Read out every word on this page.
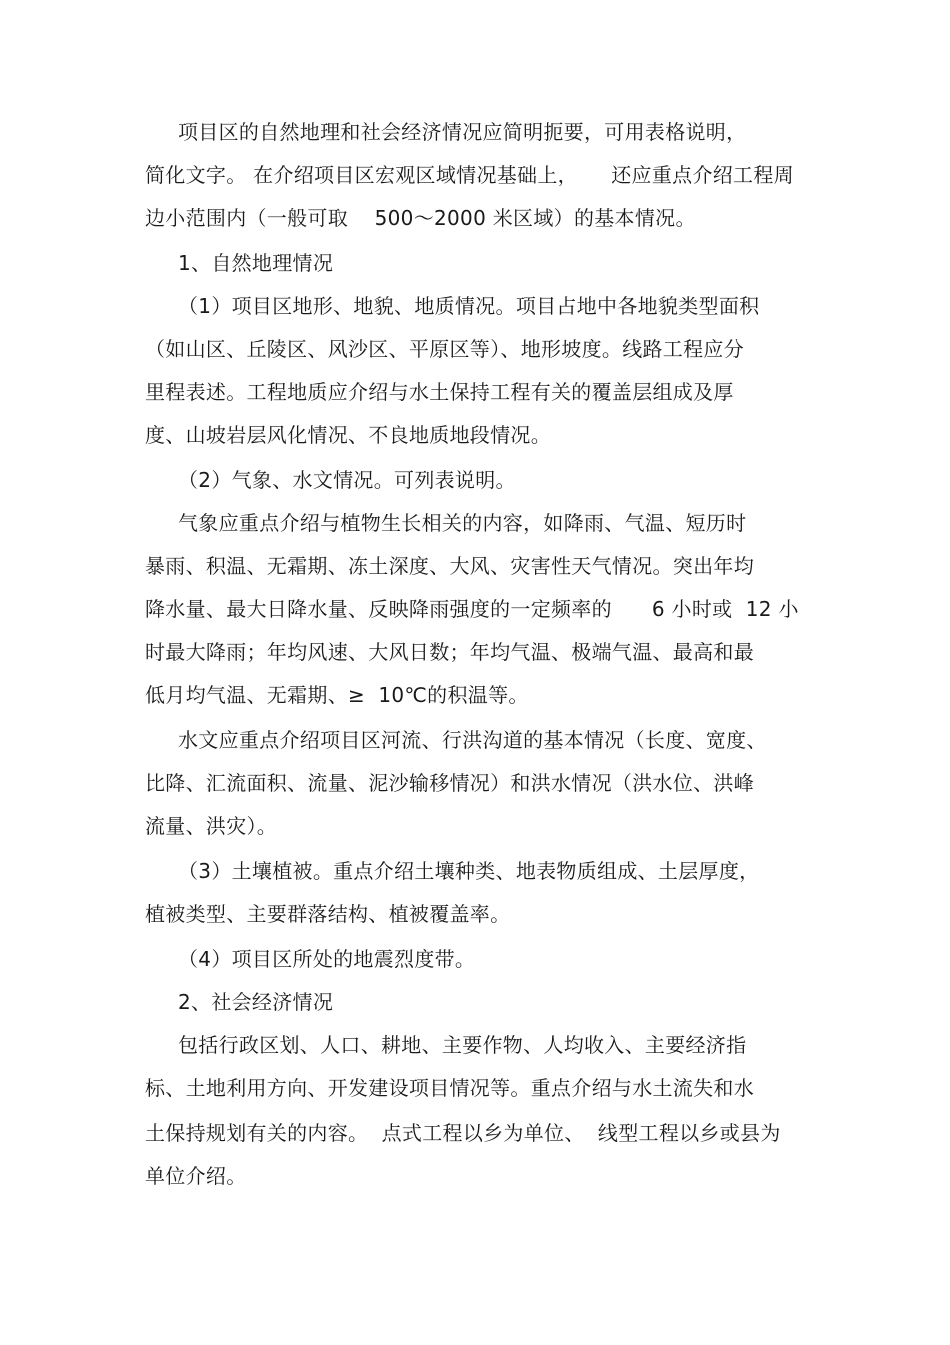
项目区的自然地理和社会经济情况应简明扼要，可用表格说明，
简化文字。 在介绍项目区宏观区域情况基础上，     还应重点介绍工程周
边小范围内（一般可取    500～2000 米区域）的基本情况。
1、自然地理情况
（1）项目区地形、地貌、地质情况。项目占地中各地貌类型面积
（如山区、丘陵区、风沙区、平原区等）、地形坡度。线路工程应分
里程表述。工程地质应介绍与水土保持工程有关的覆盖层组成及厚
度、山坡岩层风化情况、不良地质地段情况。
（2）气象、水文情况。可列表说明。
气象应重点介绍与植物生长相关的内容，如降雨、气温、短历时
暴雨、积温、无霜期、冻土深度、大风、灾害性天气情况。突出年均
降水量、最大日降水量、反映降雨强度的一定频率的      6 小时或  12 小
时最大降雨；年均风速、大风日数；年均气温、极端气温、最高和最
低月均气温、无霜期、≥  10℃的积温等。
水文应重点介绍项目区河流、行洪沟道的基本情况（长度、宽度、
比降、汇流面积、流量、泥沙输移情况）和洪水情况（洪水位、洪峰
流量、洪灾）。
（3）土壤植被。重点介绍土壤种类、地表物质组成、土层厚度，
植被类型、主要群落结构、植被覆盖率。
（4）项目区所处的地震烈度带。
2、社会经济情况
包括行政区划、人口、耕地、主要作物、人均收入、主要经济指
标、土地利用方向、开发建设项目情况等。重点介绍与水土流失和水
土保持规划有关的内容。  点式工程以乡为单位、  线型工程以乡或县为
单位介绍。
